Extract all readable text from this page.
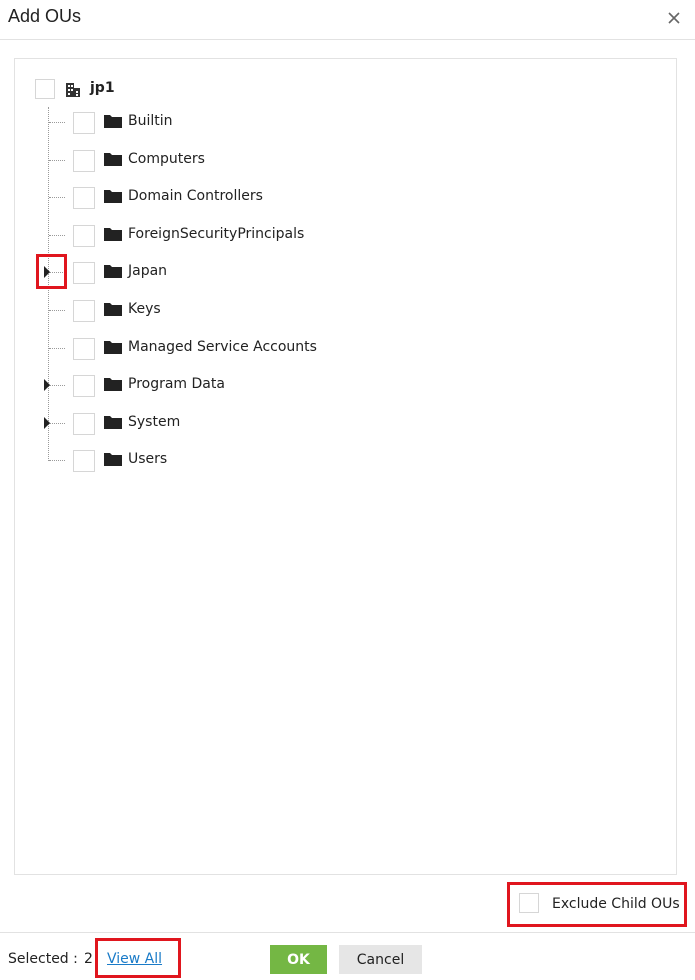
Add OUs
jp1
Builtin
Computers
Domain Controllers
ForeignSecurityPrincipals
Japan
Keys
Managed Service Accounts
Program Data
System
Users
Exclude Child OUs
Selected : 2 View All	OK	Cancel
